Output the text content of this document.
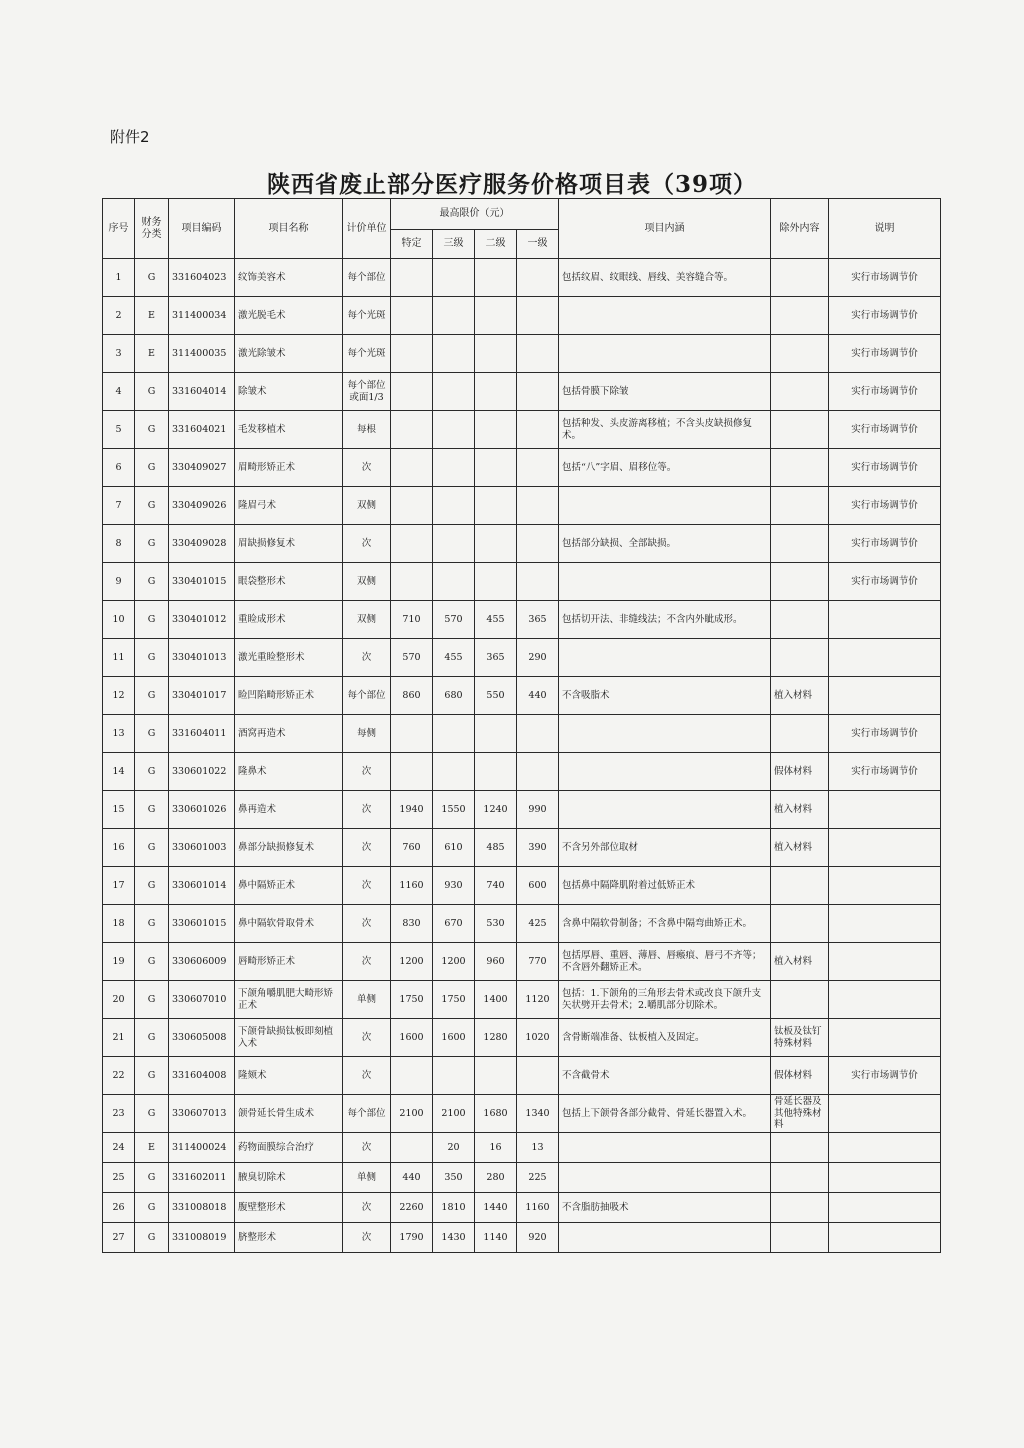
附件2
陕西省废止部分医疗服务价格项目表（39项）
序号	财务分类	项目编码	项目名称	计价单位	最高限价（元）				项目内涵	除外内容	说明
					特定	三级	二级	一级			
1	G	331604023	纹饰美容术	每个部位					包括纹眉、纹眼线、唇线、美容缝合等。		实行市场调节价
2	E	311400034	激光脱毛术	每个光斑							实行市场调节价
3	E	311400035	激光除皱术	每个光斑							实行市场调节价
4	G	331604014	除皱术	每个部位或面1/3					包括骨膜下除皱		实行市场调节价
5	G	331604021	毛发移植术	每根					包括种发、头皮游离移植；不含头皮缺损修复术。		实行市场调节价
6	G	330409027	眉畸形矫正术	次					包括“八”字眉、眉移位等。		实行市场调节价
7	G	330409026	隆眉弓术	双侧							实行市场调节价
8	G	330409028	眉缺损修复术	次					包括部分缺损、全部缺损。		实行市场调节价
9	G	330401015	眼袋整形术	双侧							实行市场调节价
10	G	330401012	重睑成形术	双侧	710	570	455	365	包括切开法、非缝线法；不含内外眦成形。		
11	G	330401013	激光重睑整形术	次	570	455	365	290			
12	G	330401017	睑凹陷畸形矫正术	每个部位	860	680	550	440	不含吸脂术	植入材料	
13	G	331604011	酒窝再造术	每侧							实行市场调节价
14	G	330601022	隆鼻术	次						假体材料	实行市场调节价
15	G	330601026	鼻再造术	次	1940	1550	1240	990		植入材料	
16	G	330601003	鼻部分缺损修复术	次	760	610	485	390	不含另外部位取材	植入材料	
17	G	330601014	鼻中隔矫正术	次	1160	930	740	600	包括鼻中隔降肌附着过低矫正术		
18	G	330601015	鼻中隔软骨取骨术	次	830	670	530	425	含鼻中隔软骨制备；不含鼻中隔弯曲矫正术。		
19	G	330606009	唇畸形矫正术	次	1200	1200	960	770	包括厚唇、重唇、薄唇、唇瘢痕、唇弓不齐等；不含唇外翻矫正术。	植入材料	
20	G	330607010	下颌角嚼肌肥大畸形矫正术	单侧	1750	1750	1400	1120	包括：1.下颌角的三角形去骨术或改良下颌升支矢状劈开去骨术；2.嚼肌部分切除术。		
21	G	330605008	下颌骨缺损钛板即刻植入术	次	1600	1600	1280	1020	含骨断端准备、钛板植入及固定。	钛板及钛钉特殊材料	
22	G	331604008	隆颏术	次					不含截骨术	假体材料	实行市场调节价
23	G	330607013	颌骨延长骨生成术	每个部位	2100	2100	1680	1340	包括上下颌骨各部分截骨、骨延长器置入术。	骨延长器及其他特殊材料	
24	E	311400024	药物面膜综合治疗	次		20	16	13			
25	G	331602011	腋臭切除术	单侧	440	350	280	225			
26	G	331008018	腹壁整形术	次	2260	1810	1440	1160	不含脂肪抽吸术		
27	G	331008019	脐整形术	次	1790	1430	1140	920			
